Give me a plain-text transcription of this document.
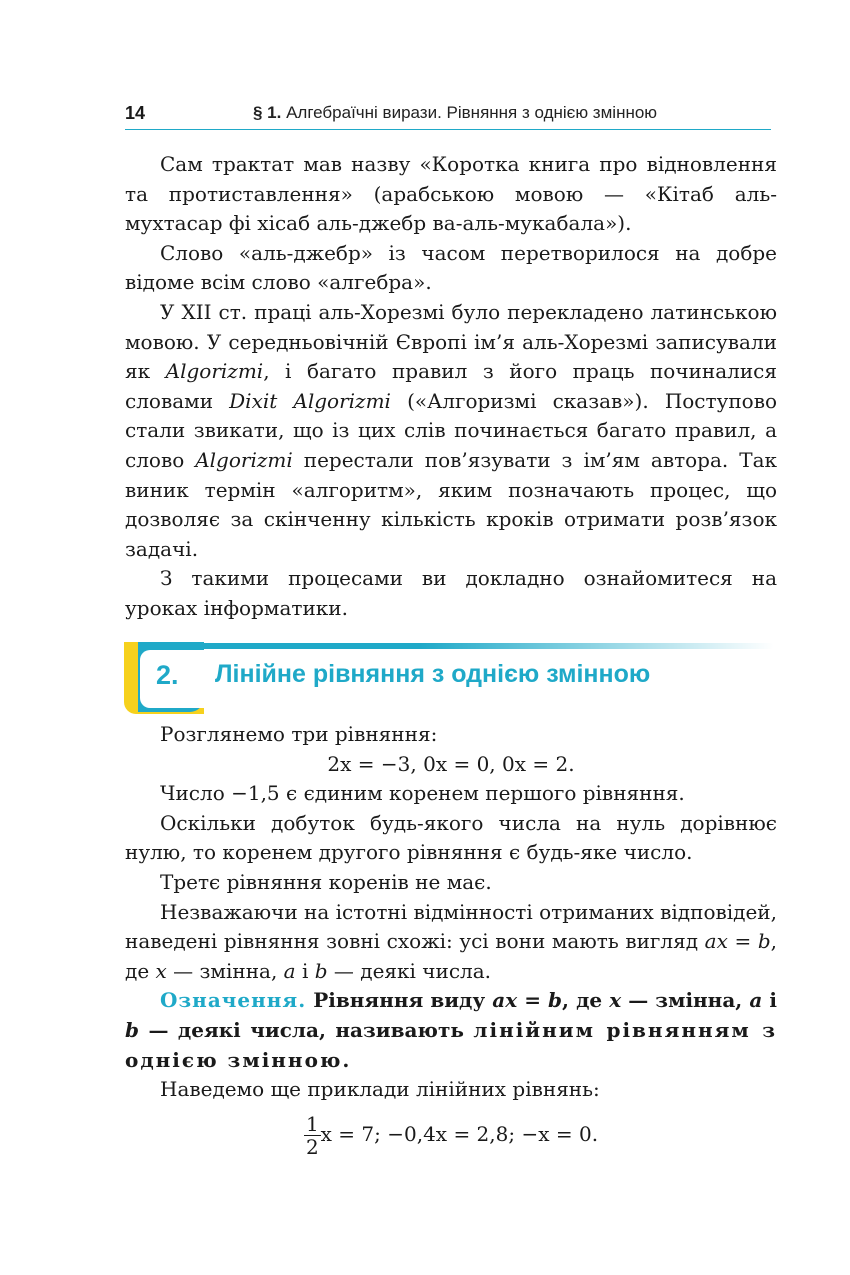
14	§ 1. Алгебраїчні вирази. Рівняння з однією змінною

Сам трактат мав назву «Коротка книга про відновлення та протиставлення» (арабською мовою — «Кітаб аль-мухтасар фі хісаб аль-джебр ва-аль-мукабала»).

Слово «аль-джебр» із часом перетворилося на добре відоме всім слово «алгебра».

У XII ст. праці аль-Хорезмі було перекладено латинською мовою. У середньовічній Європі ім’я аль-Хорезмі записували як Algorizmi, і багато правил з його праць починалися словами Dixit Algorizmi («Алгоризмі сказав»). Поступово стали звикати, що із цих слів починається багато правил, а слово Algorizmi перестали пов’язувати з ім’ям автора. Так виник термін «алгоритм», яким позначають процес, що дозволяє за скінченну кількість кроків отримати розв’язок задачі.

З такими процесами ви докладно ознайомитеся на уроках інформатики.

2. Лінійне рівняння з однією змінною

Розглянемо три рівняння:

2x = −3, 0x = 0, 0x = 2.

Число −1,5 є єдиним коренем першого рівняння.

Оскільки добуток будь-якого числа на нуль дорівнює нулю, то коренем другого рівняння є будь-яке число.

Третє рівняння коренів не має.

Незважаючи на істотні відмінності отриманих відповідей, наведені рівняння зовні схожі: усі вони мають вигляд ax = b, де x — змінна, a і b — деякі числа.

Означення. Рівняння виду ax = b, де x — змінна, a і b — деякі числа, називають лінійним рівнянням з однією змінною.

Наведемо ще приклади лінійних рівнянь:

$\frac{1}{2}$ x = 7; −0,4x = 2,8; −x = 0.
